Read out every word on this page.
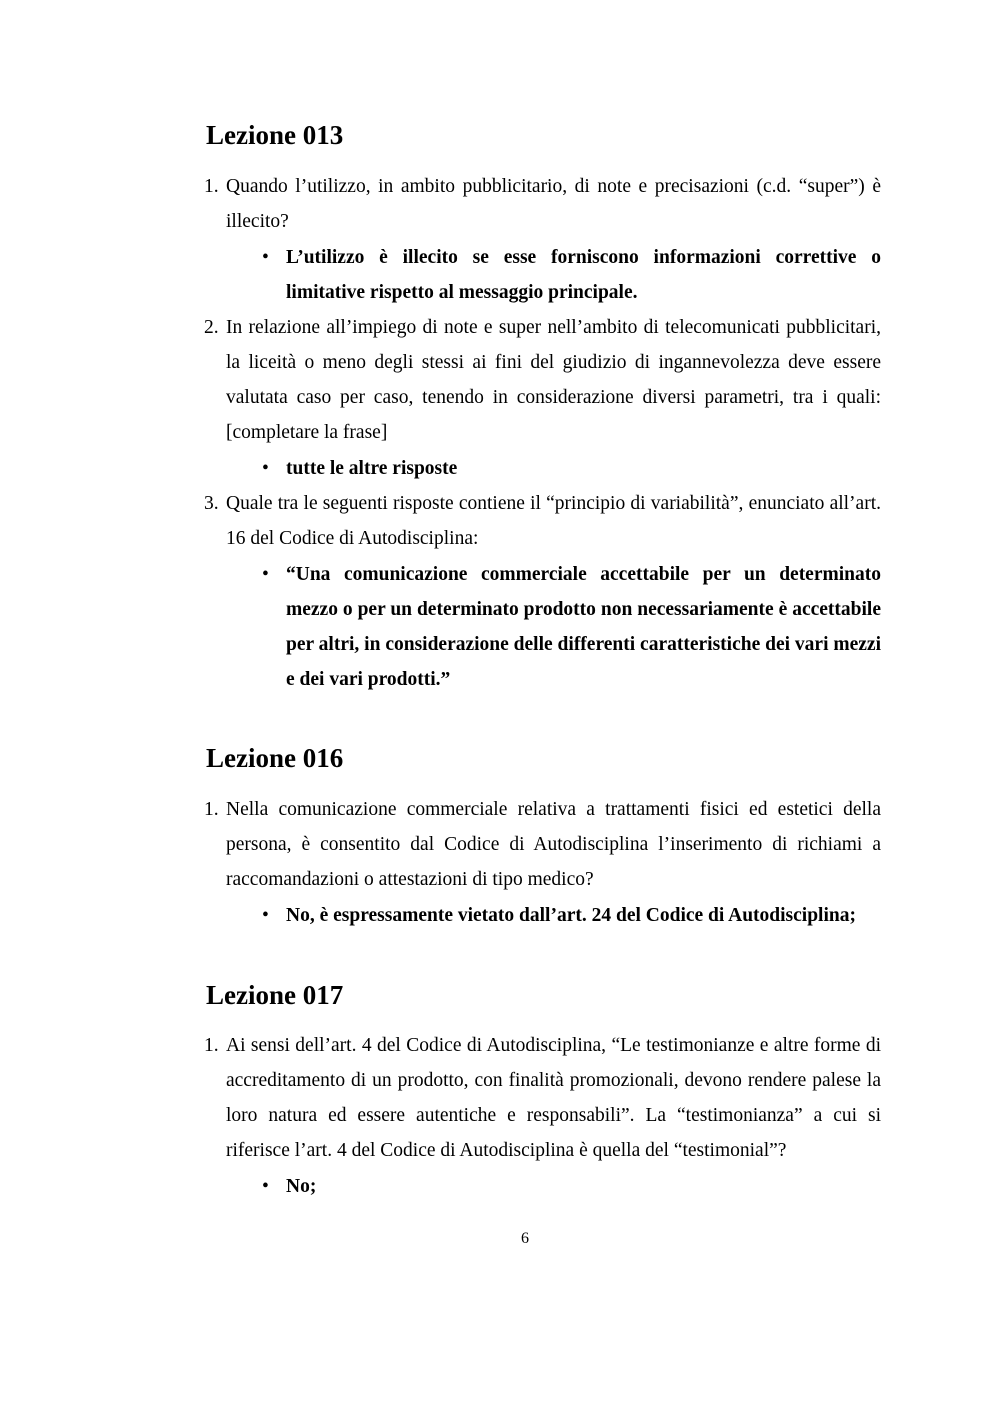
Lezione 013
1. Quando l’utilizzo, in ambito pubblicitario, di note e precisazioni (c.d. “super”) è illecito?
• L’utilizzo è illecito se esse forniscono informazioni correttive o limitative rispetto al messaggio principale.
2. In relazione all’impiego di note e super nell’ambito di telecomunicati pubblicitari, la liceità o meno degli stessi ai fini del giudizio di ingannevolezza deve essere valutata caso per caso, tenendo in considerazione diversi parametri, tra i quali: [completare la frase]
• tutte le altre risposte
3. Quale tra le seguenti risposte contiene il “principio di variabilità”, enunciato all’art. 16 del Codice di Autodisciplina:
• “Una comunicazione commerciale accettabile per un determinato mezzo o per un determinato prodotto non necessariamente è accettabile per altri, in considerazione delle differenti caratteristiche dei vari mezzi e dei vari prodotti.”
Lezione 016
1. Nella comunicazione commerciale relativa a trattamenti fisici ed estetici della persona, è consentito dal Codice di Autodisciplina l’inserimento di richiami a raccomandazioni o attestazioni di tipo medico?
• No, è espressamente vietato dall’art. 24 del Codice di Autodisciplina;
Lezione 017
1. Ai sensi dell’art. 4 del Codice di Autodisciplina, “Le testimonianze e altre forme di accreditamento di un prodotto, con finalità promozionali, devono rendere palese la loro natura ed essere autentiche e responsabili”. La “testimonianza” a cui si riferisce l’art. 4 del Codice di Autodisciplina è quella del “testimonial”?
• No;
6
